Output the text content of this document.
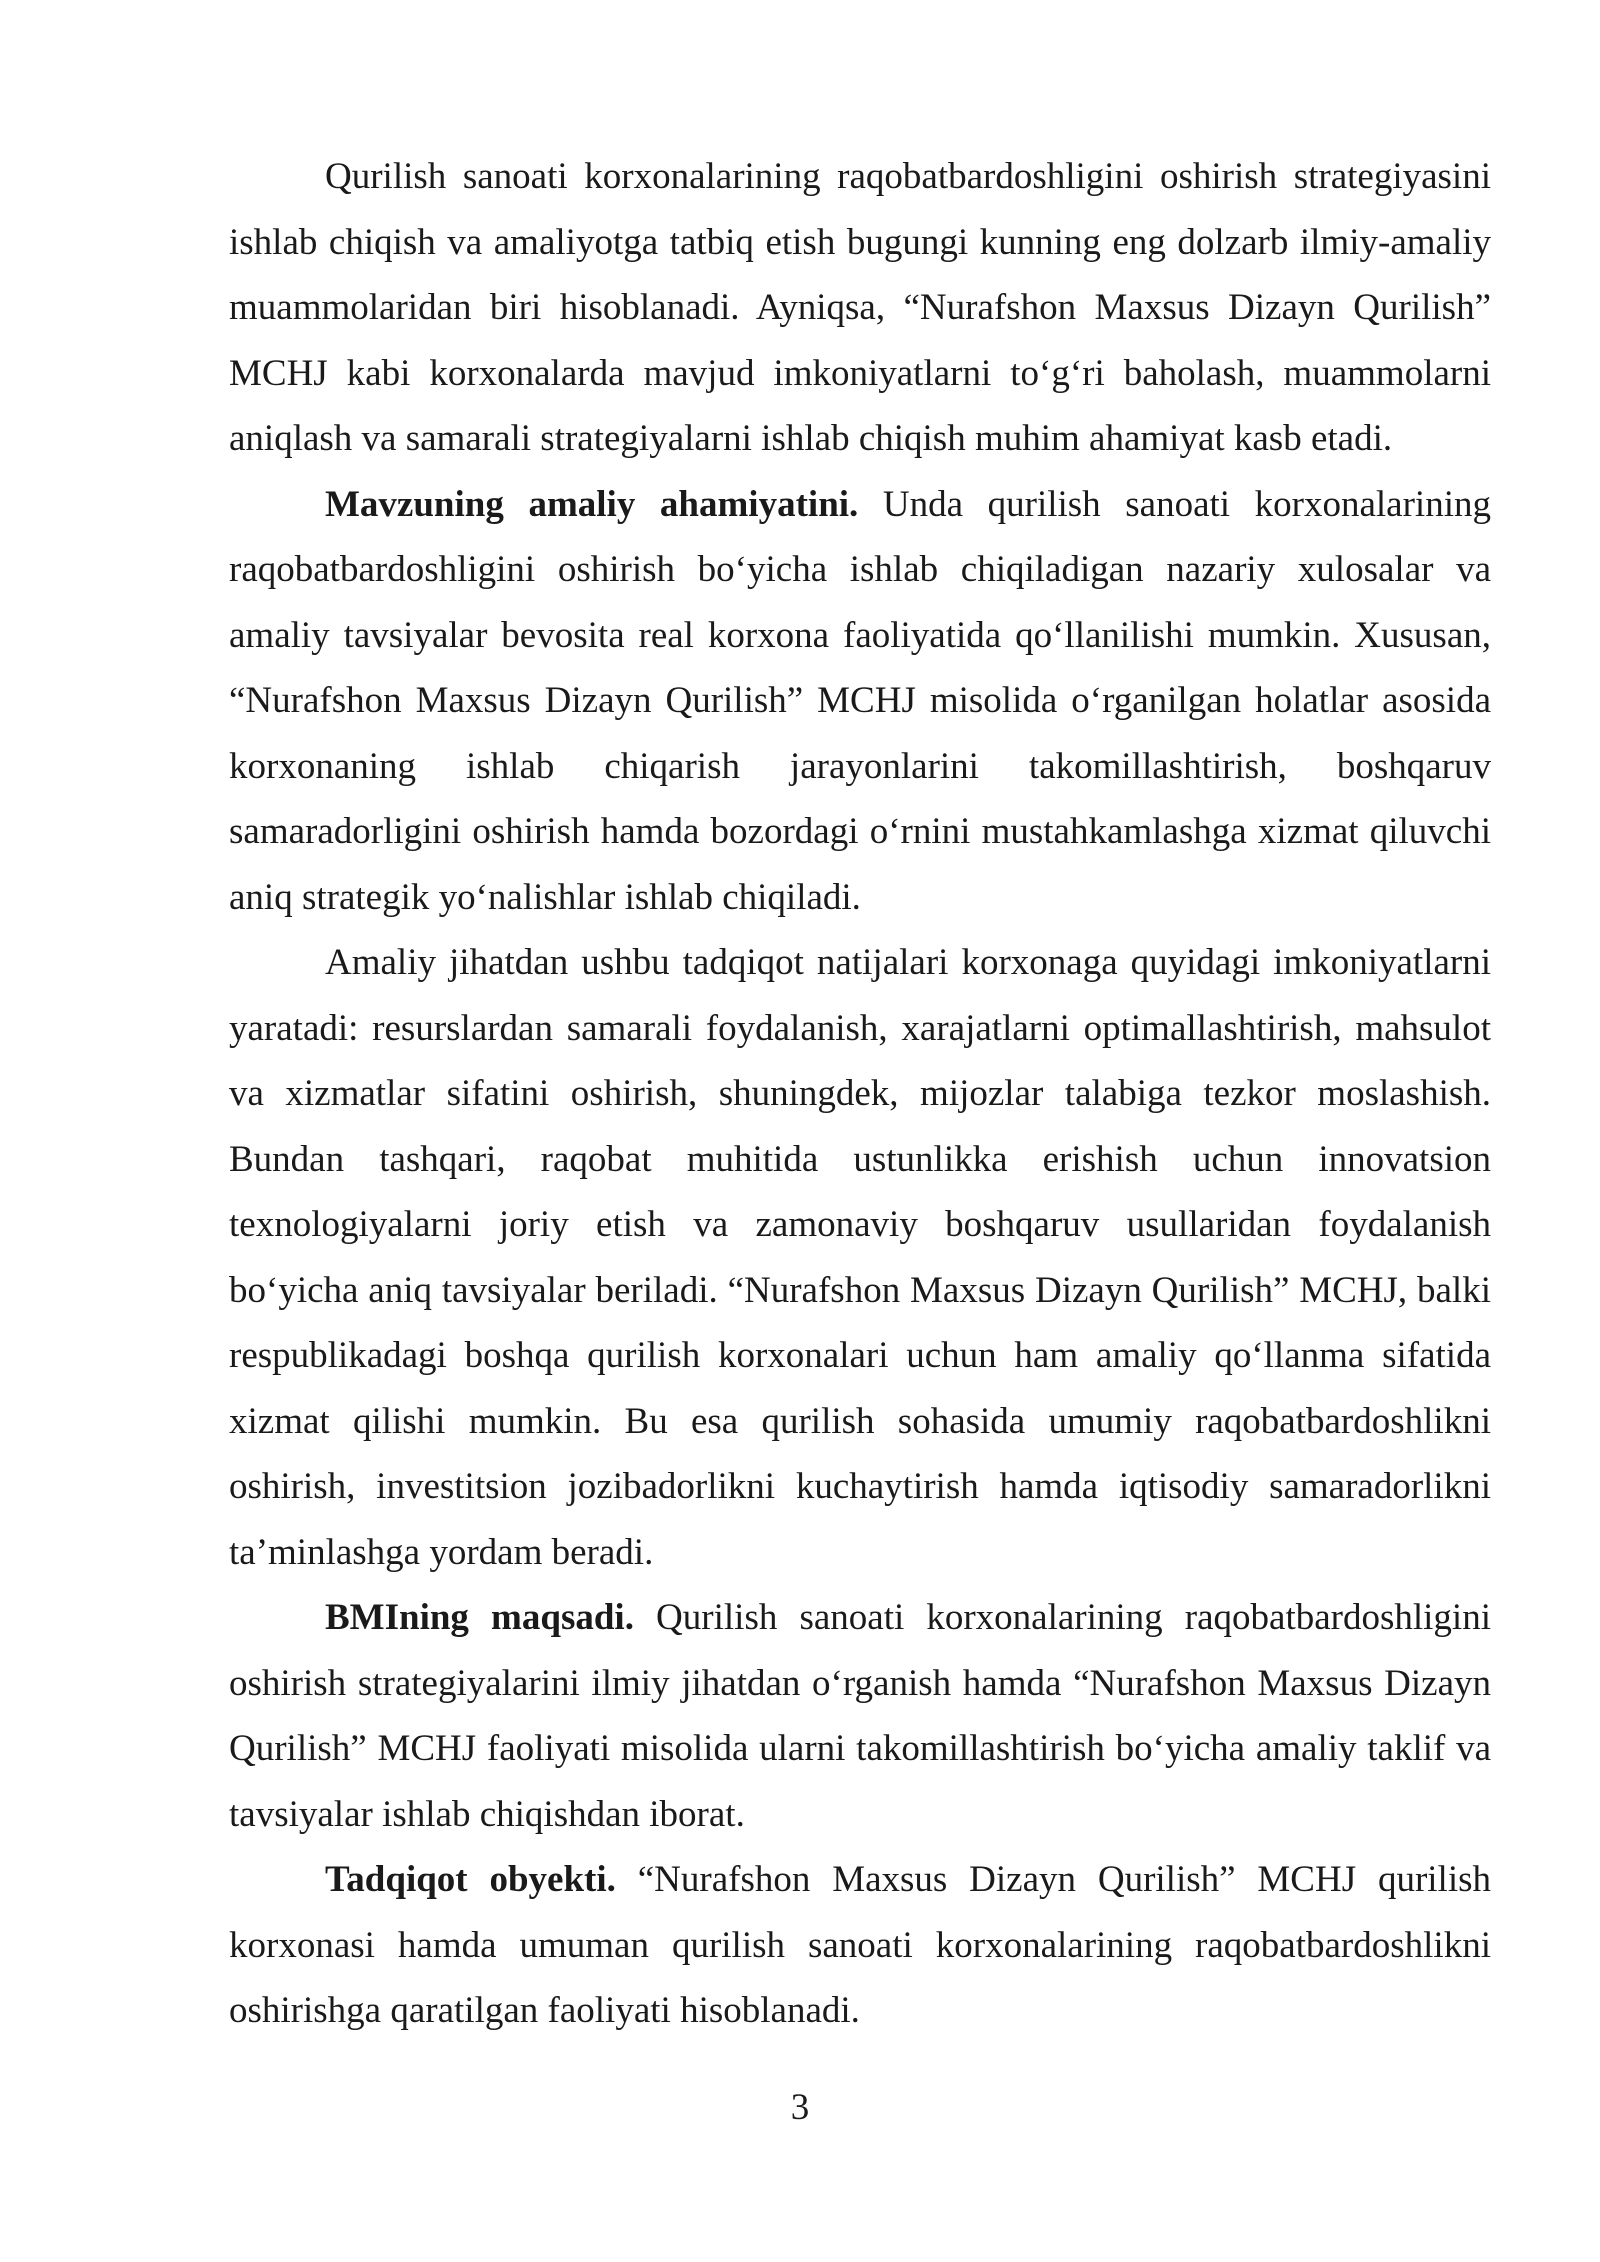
Qurilish sanoati korxonalarining raqobatbardoshligini oshirish strategiyasini ishlab chiqish va amaliyotga tatbiq etish bugungi kunning eng dolzarb ilmiy-amaliy muammolaridan biri hisoblanadi. Ayniqsa, “Nurafshon Maxsus Dizayn Qurilish” MCHJ kabi korxonalarda mavjud imkoniyatlarni to‘g‘ri baholash, muammolarni aniqlash va samarali strategiyalarni ishlab chiqish muhim ahamiyat kasb etadi.

Mavzuning amaliy ahamiyatini. Unda qurilish sanoati korxonalarining raqobatbardoshligini oshirish bo‘yicha ishlab chiqiladigan nazariy xulosalar va amaliy tavsiyalar bevosita real korxona faoliyatida qo‘llanilishi mumkin. Xususan, “Nurafshon Maxsus Dizayn Qurilish” MCHJ misolida o‘rganilgan holatlar asosida korxonaning ishlab chiqarish jarayonlarini takomillashtirish, boshqaruv samaradorligini oshirish hamda bozordagi o‘rnini mustahkamlashga xizmat qiluvchi aniq strategik yo‘nalishlar ishlab chiqiladi.

Amaliy jihatdan ushbu tadqiqot natijalari korxonaga quyidagi imkoniyatlarni yaratadi: resurslardan samarali foydalanish, xarajatlarni optimallashtirish, mahsulot va xizmatlar sifatini oshirish, shuningdek, mijozlar talabiga tezkor moslashish. Bundan tashqari, raqobat muhitida ustunlikka erishish uchun innovatsion texnologiyalarni joriy etish va zamonaviy boshqaruv usullaridan foydalanish bo‘yicha aniq tavsiyalar beriladi. “Nurafshon Maxsus Dizayn Qurilish” MCHJ, balki respublikadagi boshqa qurilish korxonalari uchun ham amaliy qo‘llanma sifatida xizmat qilishi mumkin. Bu esa qurilish sohasida umumiy raqobatbardoshlikni oshirish, investitsion jozibadorlikni kuchaytirish hamda iqtisodiy samaradorlikni ta’minlashga yordam beradi.

BMIning maqsadi. Qurilish sanoati korxonalarining raqobatbardoshligini oshirish strategiyalarini ilmiy jihatdan o‘rganish hamda “Nurafshon Maxsus Dizayn Qurilish” MCHJ faoliyati misolida ularni takomillashtirish bo‘yicha amaliy taklif va tavsiyalar ishlab chiqishdan iborat.

Tadqiqot obyekti. “Nurafshon Maxsus Dizayn Qurilish” MCHJ qurilish korxonasi hamda umuman qurilish sanoati korxonalarining raqobatbardoshlikni oshirishga qaratilgan faoliyati hisoblanadi.

3
